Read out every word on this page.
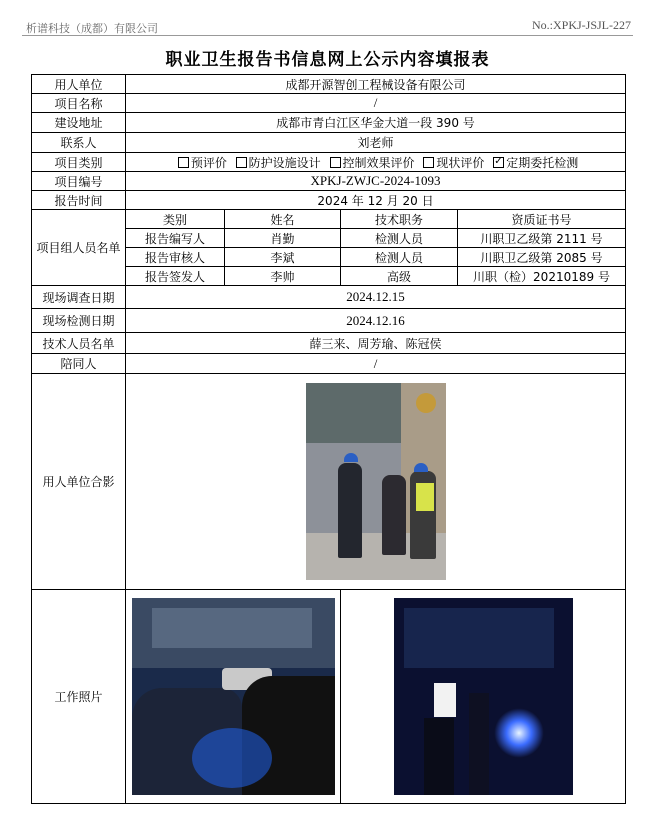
析谱科技（成都）有限公司	No.:XPKJ-JSJL-227
职业卫生报告书信息网上公示内容填报表
用人单位	成都开源智创工程械设备有限公司			
项目名称	/			
建设地址	成都市青白江区华金大道一段 390 号			
联系人	刘老师			
项目类别	预评价 防护设施设计 控制效果评价 现状评价 ✓ 定期委托检测
项目编号	XPKJ-ZWJC-2024-1093			
报告时间	2024 年 12 月 20 日			
项目组人员名单	类别	姓名	技术职务	资质证书号
	报告编写人	肖勤	检测人员	川职卫乙级第 2111 号
	报告审核人	李斌	检测人员	川职卫乙级第 2085 号
	报告签发人	李帅	高级	川职（检）20210189 号
现场调查日期	2024.12.15			
现场检测日期	2024.12.16			
技术人员名单	薛三来、周芳瑜、陈冠侯			
陪同人	/			
用人单位合影				

工作照片			
